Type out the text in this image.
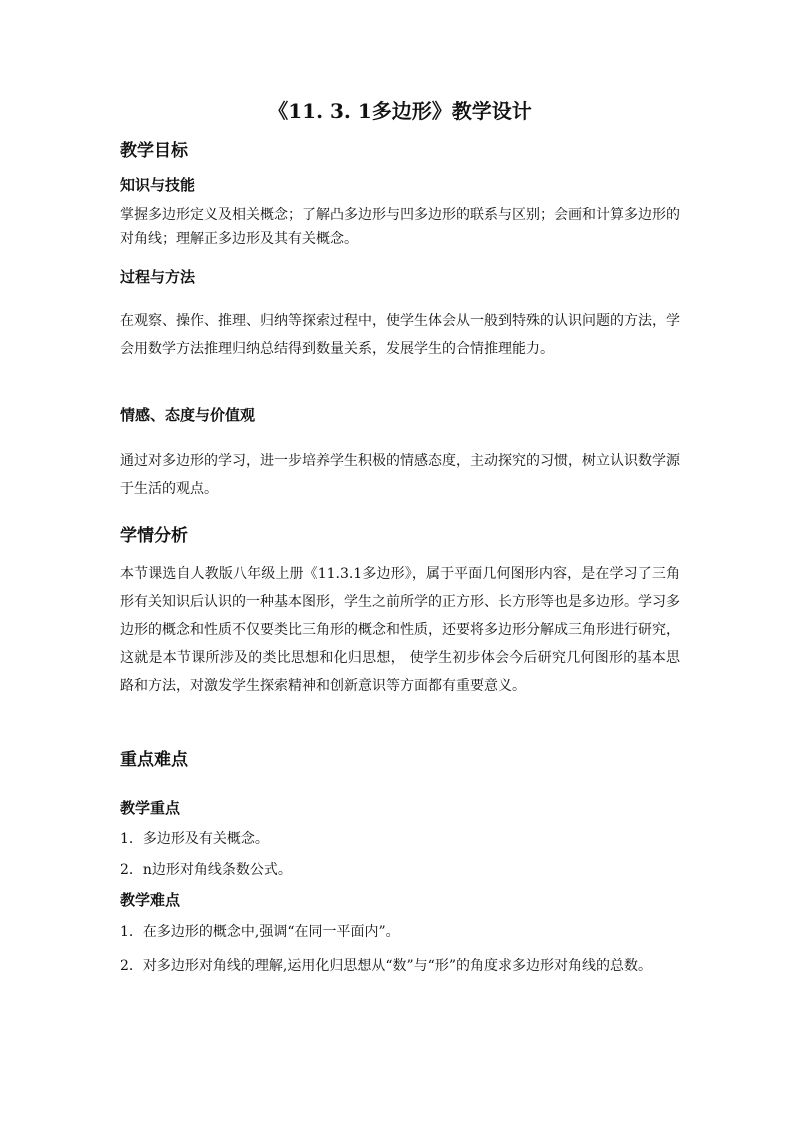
《11. 3. 1多边形》教学设计
教学目标
知识与技能

掌握多边形定义及相关概念；了解凸多边形与凹多边形的联系与区别；会画和计算多边形的对角线；理解正多边形及其有关概念。

过程与方法

在观察、操作、推理、归纳等探索过程中，使学生体会从一般到特殊的认识问题的方法，学会用数学方法推理归纳总结得到数量关系，发展学生的合情推理能力。

情感、态度与价值观

通过对多边形的学习，进一步培养学生积极的情感态度，主动探究的习惯，树立认识数学源于生活的观点。

学情分析

本节课选自人教版八年级上册《11.3.1多边形》，属于平面几何图形内容，是在学习了三角形有关知识后认识的一种基本图形，学生之前所学的正方形、长方形等也是多边形。学习多边形的概念和性质不仅要类比三角形的概念和性质，还要将多边形分解成三角形进行研究，这就是本节课所涉及的类比思想和化归思想， 使学生初步体会今后研究几何图形的基本思路和方法，对激发学生探索精神和创新意识等方面都有重要意义。

重点难点
教学重点
1．多边形及有关概念。
2．n边形对角线条数公式。
教学难点
1．在多边形的概念中,强调“在同一平面内”。
2．对多边形对角线的理解,运用化归思想从“数”与“形”的角度求多边形对角线的总数。
